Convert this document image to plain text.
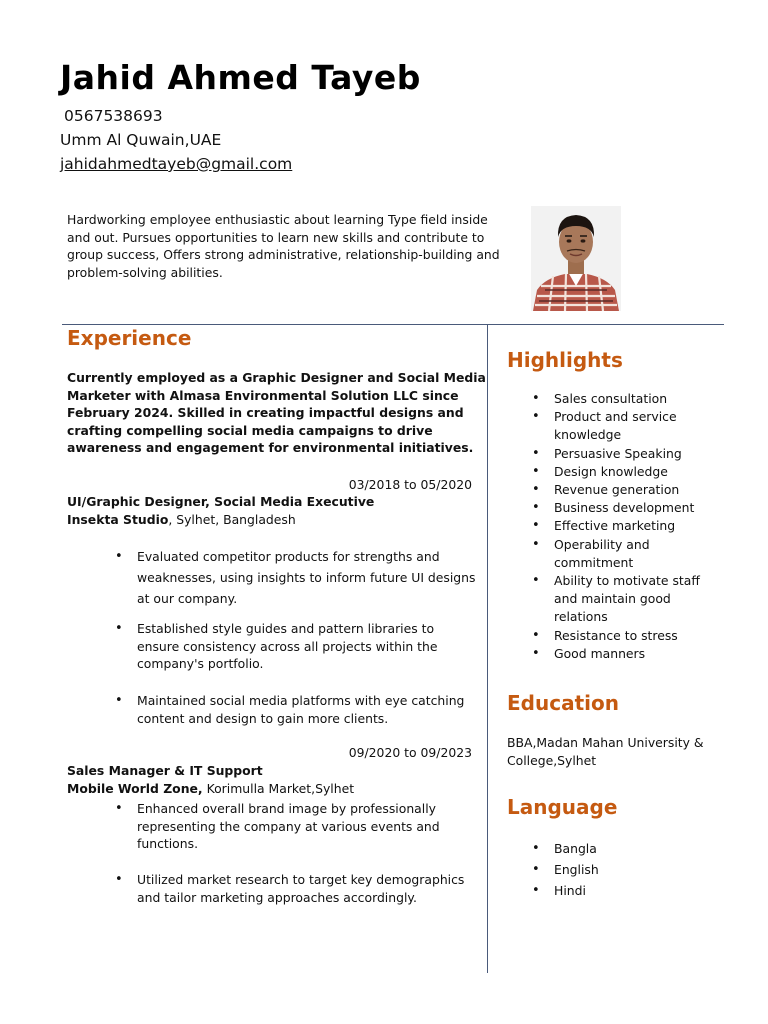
Jahid Ahmed Tayeb
0567538693
Umm Al Quwain,UAE
jahidahmedtayeb@gmail.com
Hardworking employee enthusiastic about learning Type field inside and out. Pursues opportunities to learn new skills and contribute to group success, Offers strong administrative, relationship-building and problem-solving abilities.
Experience
Currently employed as a Graphic Designer and Social Media Marketer with Almasa Environmental Solution LLC since February 2024. Skilled in creating impactful designs and crafting compelling social media campaigns to drive awareness and engagement for environmental initiatives.
03/2018 to 05/2020
UI/Graphic Designer, Social Media Executive
Insekta Studio, Sylhet, Bangladesh
• Evaluated competitor products for strengths and weaknesses, using insights to inform future UI designs at our company.
• Established style guides and pattern libraries to ensure consistency across all projects within the company's portfolio.
• Maintained social media platforms with eye catching content and design to gain more clients.
09/2020 to 09/2023
Sales Manager & IT Support
Mobile World Zone, Korimulla Market,Sylhet
• Enhanced overall brand image by professionally representing the company at various events and functions.
• Utilized market research to target key demographics and tailor marketing approaches accordingly.
Highlights
• Sales consultation
• Product and service knowledge
• Persuasive Speaking
• Design knowledge
• Revenue generation
• Business development
• Effective marketing
• Operability and commitment
• Ability to motivate staff and maintain good relations
• Resistance to stress
• Good manners
Education
BBA,Madan Mahan University & College,Sylhet
Language
• Bangla
• English
• Hindi
